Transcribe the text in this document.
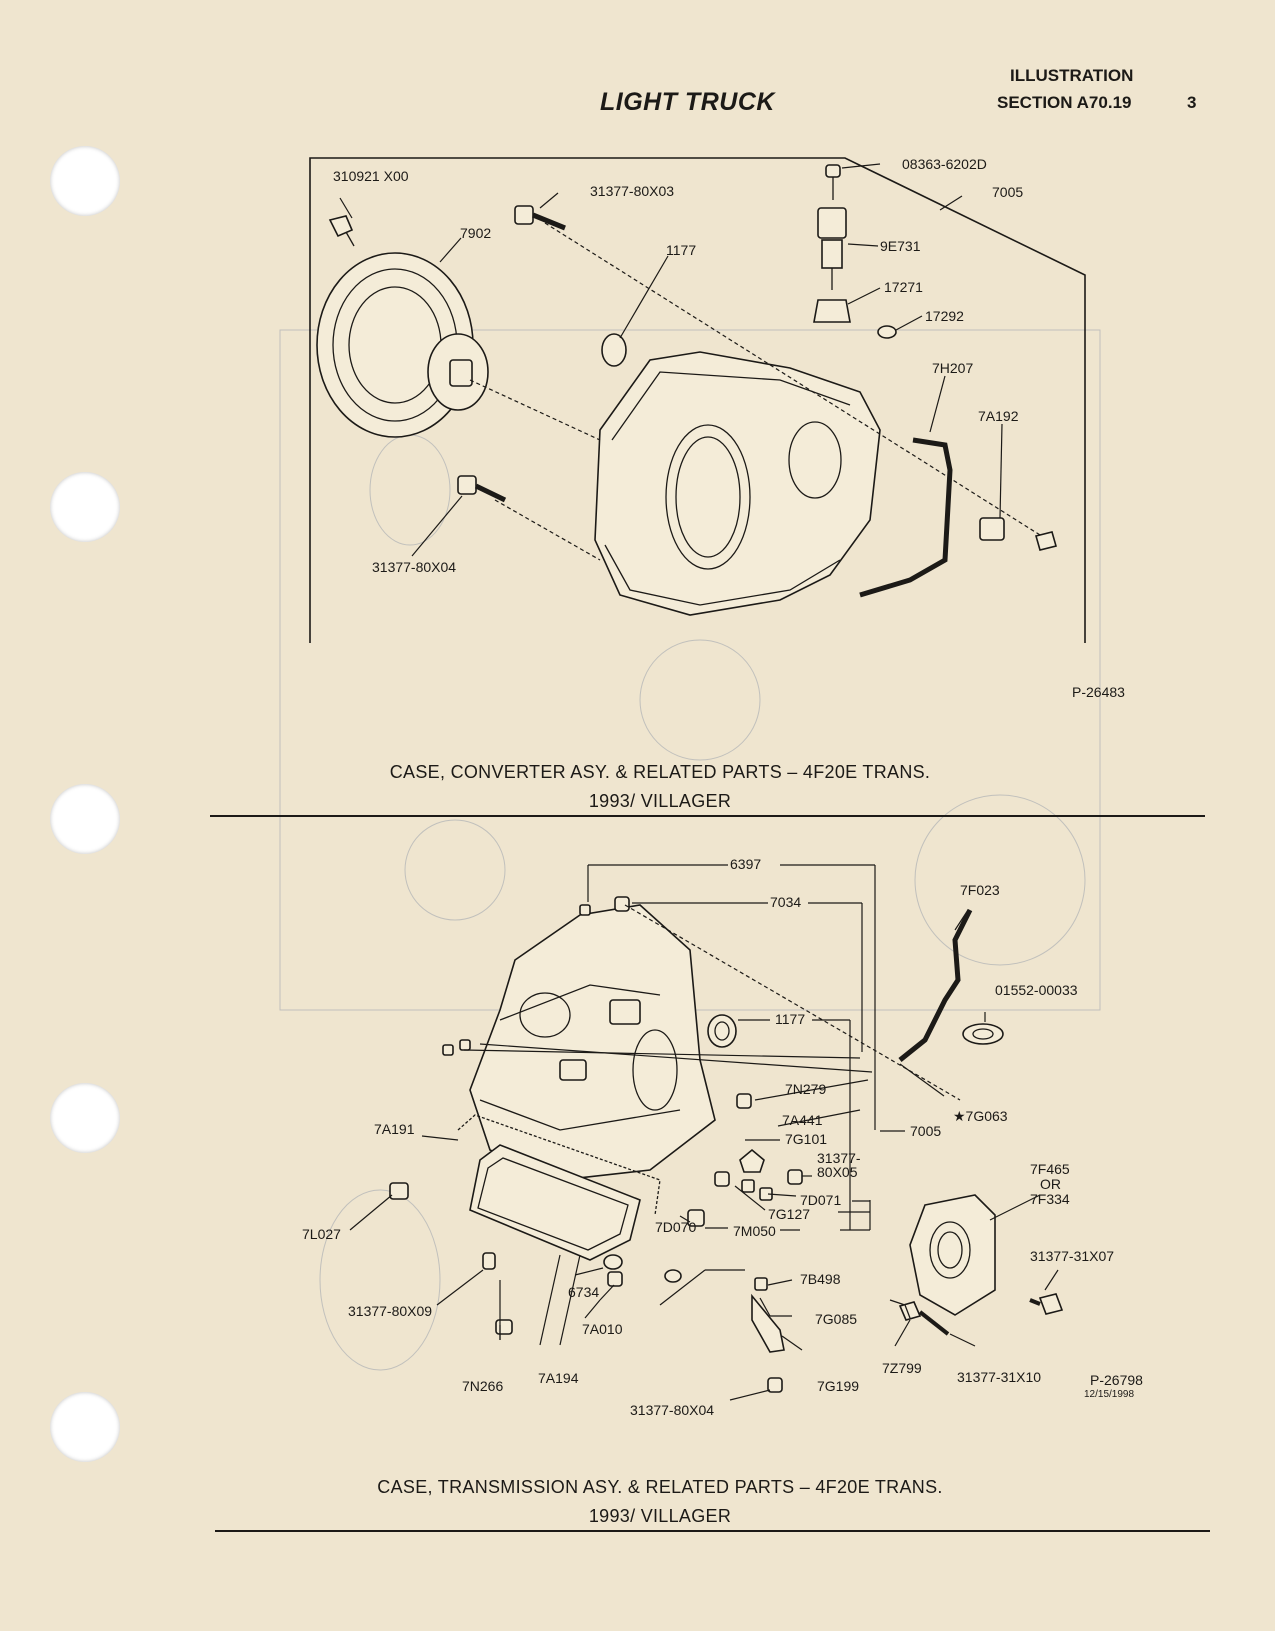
LIGHT TRUCK
ILLUSTRATION
SECTION A70.19	3
310921 X00
31377-80X03
08363-6202D
7005
7902
9E731
1177
17271
17292
7H207
7A192
31377-80X04
P-26483
6397
7034
7F023
1177
01552-00033
7N279
★7G063
7A441
7A191
7G101	7005
31377-
80X05	7F465
OR
7F334
7D071
7G127
7D070	7M050
7L027
31377-31X07
7B498
6734
31377-80X09	7G085
7A010
7Z799
31377-31X10
7N266 7A194	7G199
31377-80X04
P-26798
12/15/1998
CASE, CONVERTER ASY. & RELATED PARTS – 4F20E TRANS.
1993/ VILLAGER
CASE, TRANSMISSION ASY. & RELATED PARTS – 4F20E TRANS.
1993/ VILLAGER
